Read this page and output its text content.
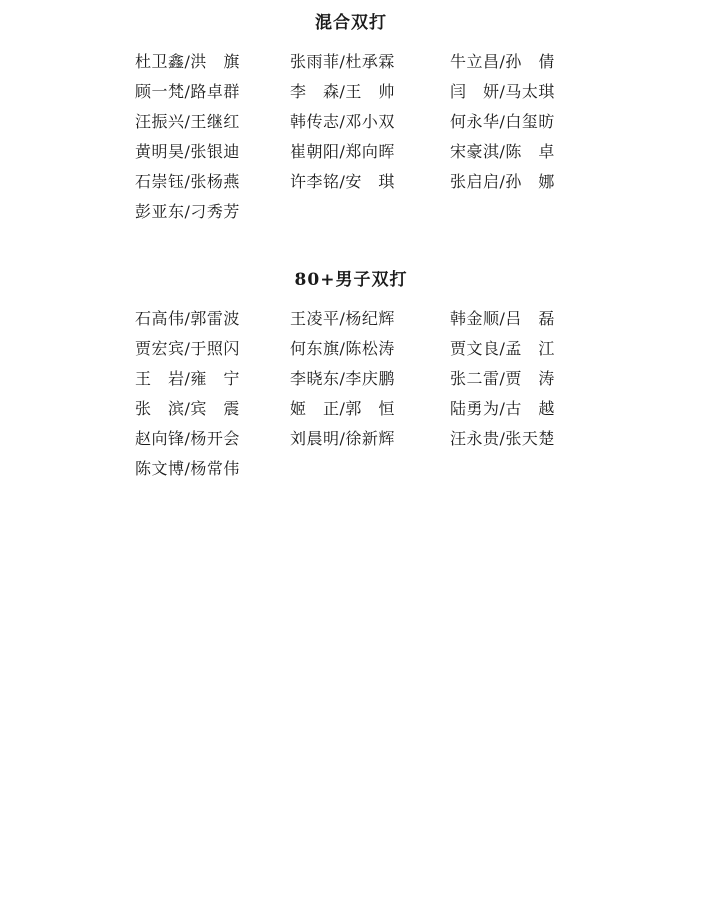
混合双打
杜卫鑫/洪　旗	张雨菲/杜承霖	牛立昌/孙　倩
顾一梵/路卓群	李　森/王　帅	闫　妍/马太琪
汪振兴/王继红	韩传志/邓小双	何永华/白玺昉
黄明昊/张银迪	崔朝阳/郑向晖	宋豪淇/陈　卓
石崇钰/张杨燕	许李铭/安　琪	张启启/孙　娜
彭亚东/刁秀芳
80+男子双打
石高伟/郭雷波	王凌平/杨纪辉	韩金顺/吕　磊
贾宏宾/于照闪	何东旗/陈松涛	贾文良/孟　江
王　岩/雍　宁	李晓东/李庆鹏	张二雷/贾　涛
张　滨/宾　震	姬　正/郭　恒	陆勇为/古　越
赵向锋/杨开会	刘晨明/徐新辉	汪永贵/张天楚
陈文博/杨常伟
